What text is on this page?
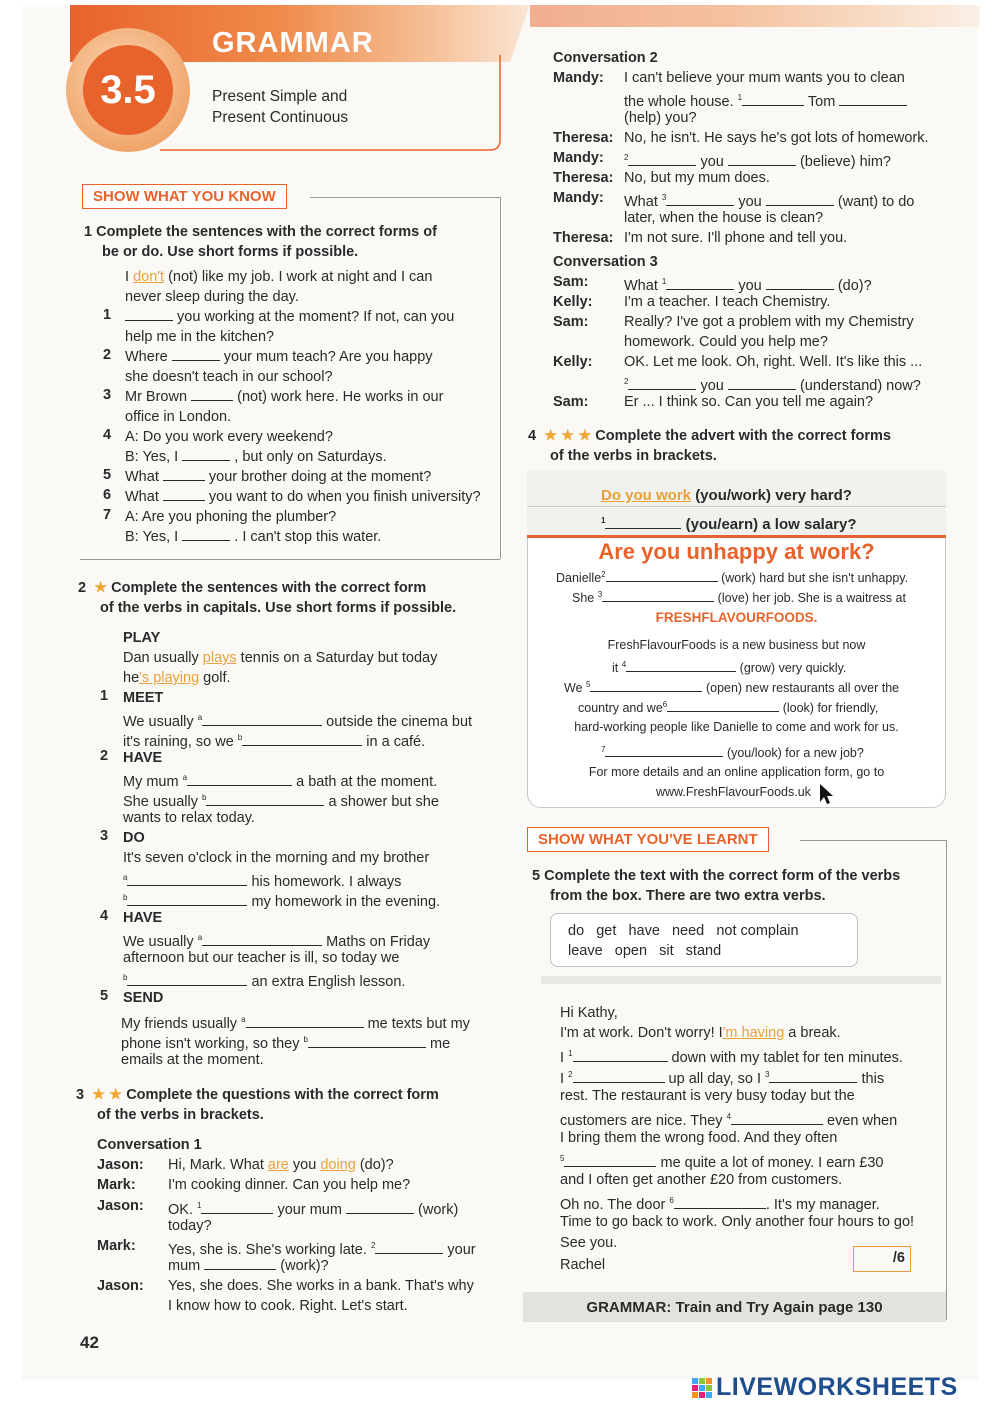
GRAMMAR
3.5	Present Simple and
Present Continuous
SHOW WHAT YOU KNOW
1 Complete the sentences with the correct forms of
be or do. Use short forms if possible.
I don't (not) like my job. I work at night and I can
never sleep during the day.
1	you working at the moment? If not, can you
help me in the kitchen?
2 Where	your mum teach? Are you happy
she doesn't teach in our school?
3 Mr Brown	(not) work here. He works in our
office in London.
4 A: Do you work every weekend?
B: Yes, I	, but only on Saturdays.
5 What	your brother doing at the moment?
6 What	you want to do when you finish university?
7 A: Are you phoning the plumber?
B: Yes, I	. I can't stop this water.
2 ★ Complete the sentences with the correct form
of the verbs in capitals. Use short forms if possible.
PLAY
Dan usually plays tennis on a Saturday but today
he's playing golf.
1 MEET
We usually $^a$	outside the cinema but
it's raining, so we $^b$	in a café.
2 HAVE
My mum $^a$	a bath at the moment.
She usually $^b$	a shower but she
wants to relax today.
3 DO
It's seven o'clock in the morning and my brother
$^a$	his homework. I always
$^b$	my homework in the evening.
4 HAVE
We usually $^a$	Maths on Friday
afternoon but our teacher is ill, so today we
$^b$	an extra English lesson.
5 SEND
My friends usually $^a$	me texts but my
phone isn't working, so they $^b$	me
emails at the moment.
3 ★ ★ Complete the questions with the correct form
of the verbs in brackets.
Conversation 1
Jason: Hi, Mark. What are you doing (do)?
Mark: I'm cooking dinner. Can you help me?
Jason: OK. $^1$	your mum	(work)
today?
Mark: Yes, she is. She's working late. $^2$	your
mum	(work)?
Jason: Yes, she does. She works in a bank. That's why
I know how to cook. Right. Let's start.
42
Conversation 2
Mandy: I can't believe your mum wants you to clean
the whole house. $^1$	Tom
(help) you?
Theresa: No, he isn't. He says he's got lots of homework.
Mandy:	$^2$	you	(believe) him?
Theresa: No, but my mum does.
Mandy: What $^3$	you	(want) to do
later, when the house is clean?
Theresa: I'm not sure. I'll phone and tell you.
Conversation 3
Sam: What $^1$	you	(do)?
Kelly: I'm a teacher. I teach Chemistry.
Sam: Really? I've got a problem with my Chemistry
homework. Could you help me?
Kelly: OK. Let me look. Oh, right. Well. It's like this ...
$^2$	you	(understand) now?
Sam: Er ... I think so. Can you tell me again?
4 ★ ★ ★ Complete the advert with the correct forms
of the verbs in brackets.
Do you work (you/work) very hard?
$^1$	(you/earn) a low salary?
Are you unhappy at work?
Danielle$^2$	(work) hard but she isn't unhappy.
She $^3$	(love) her job. She is a waitress at
FRESHFLAVOURFOODS.
FreshFlavourFoods is a new business but now
it $^4$	(grow) very quickly.
We $^5$	(open) new restaurants all over the
country and $we^6$	(look) for friendly,
hard-working people like Danielle to come and work for us.
$^7$	(you/look) for a new job?
For more details and an online application form, go to
www.FreshFlavourFoods.uk
SHOW WHAT YOU'VE LEARNT
5 Complete the text with the correct form of the verbs
from the box. There are two extra verbs.
do   get   have   need   not complain
leave   open   sit   stand
Hi Kathy,
I'm at work. Don't worry! I'm having a break.
I $^1$	down with my tablet for ten minutes.
I $^2$	up all day, so I $^3$	this
rest. The restaurant is very busy today but the
customers are nice. They $^4$	even when
I bring them the wrong food. And they often
$^5$	me quite a lot of money. I earn £30
and I often get another £20 from customers.
Oh no. The door $^6$	. It's my manager.
Time to go back to work. Only another four hours to go!
See you.
Rachel	/6
GRAMMAR: Train and Try Again page 130
LIVEWORKSHEETS
